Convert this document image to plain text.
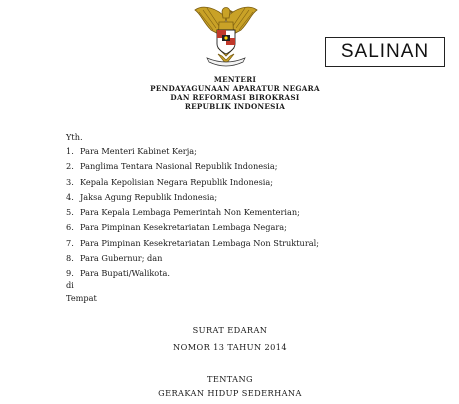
SALINAN
MENTERI
PENDAYAGUNAAN APARATUR NEGARA
DAN REFORMASI BIROKRASI
REPUBLIK INDONESIA
Yth.
1. Para Menteri Kabinet Kerja;
2. Panglima Tentara Nasional Republik Indonesia;
3. Kepala Kepolisian Negara Republik Indonesia;
4. Jaksa Agung Republik Indonesia;
5. Para Kepala Lembaga Pemerintah Non Kementerian;
6. Para Pimpinan Kesekretariatan Lembaga Negara;
7. Para Pimpinan Kesekretariatan Lembaga Non Struktural;
8. Para Gubernur; dan
9. Para Bupati/Walikota.
di
Tempat
SURAT EDARAN
NOMOR 13 TAHUN 2014
TENTANG
GERAKAN HIDUP SEDERHANA
